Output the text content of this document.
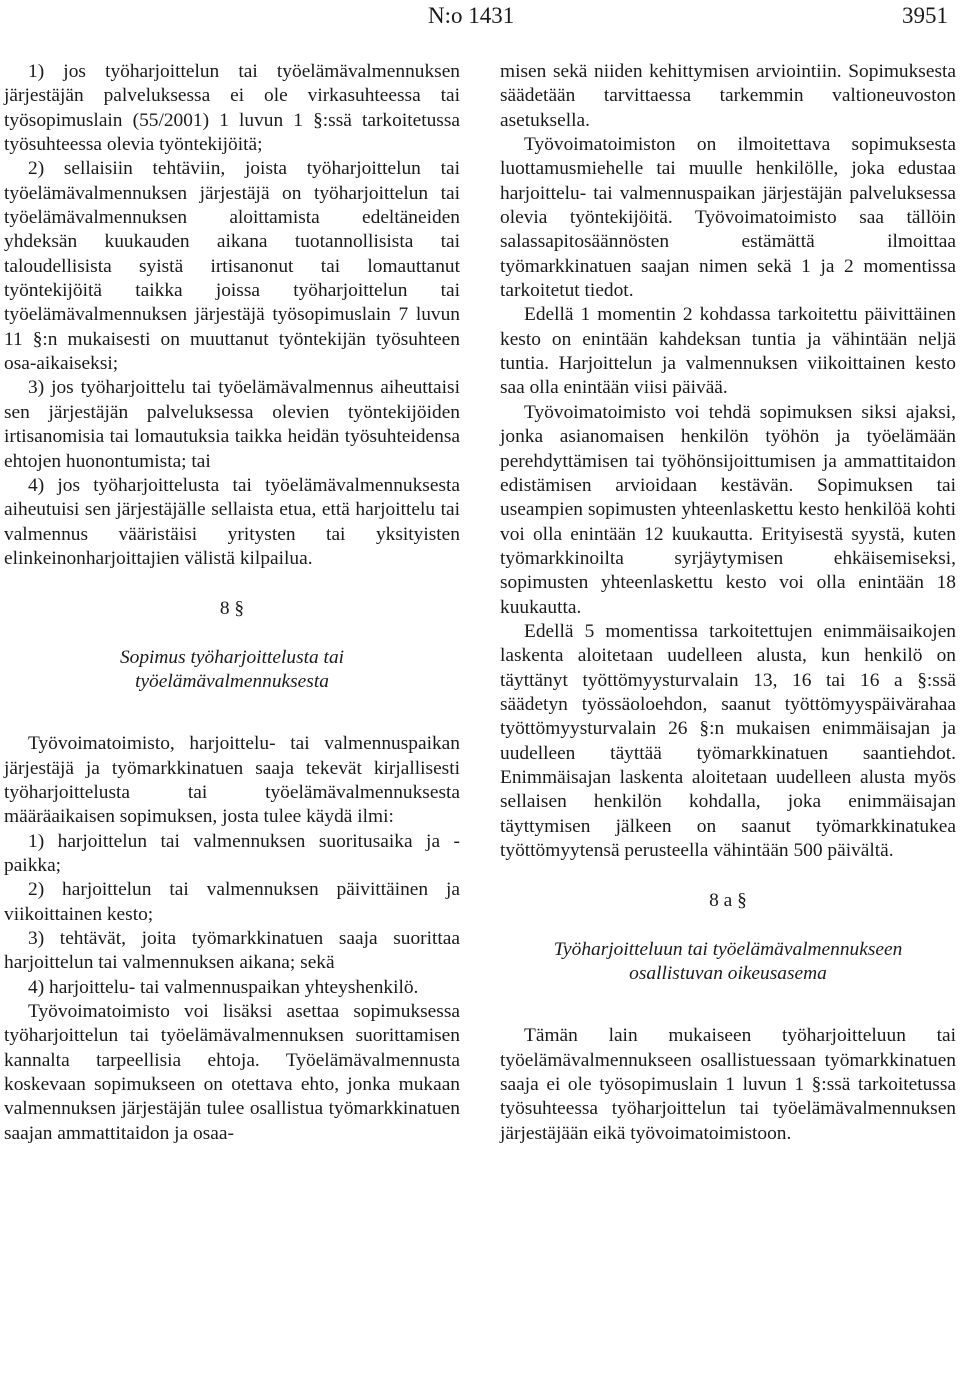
N:o 1431	3951

1) jos työharjoittelun tai työelämävalmennuksen järjestäjän palveluksessa ei ole virkasuhteessa tai työsopimuslain (55/2001) 1 luvun 1 §:ssä tarkoitetussa työsuhteessa olevia työntekijöitä;

2) sellaisiin tehtäviin, joista työharjoittelun tai työelämävalmennuksen järjestäjä on työharjoittelun tai työelämävalmennuksen aloittamista edeltäneiden yhdeksän kuukauden aikana tuotannollisista tai taloudellisista syistä irtisanonut tai lomauttanut työntekijöitä taikka joissa työharjoittelun tai työelämävalmennuksen järjestäjä työsopimuslain 7 luvun 11 §:n mukaisesti on muuttanut työntekijän työsuhteen osa-aikaiseksi;

3) jos työharjoittelu tai työelämävalmennus aiheuttaisi sen järjestäjän palveluksessa olevien työntekijöiden irtisanomisia tai lomautuksia taikka heidän työsuhteidensa ehtojen huonontumista; tai

4) jos työharjoittelusta tai työelämävalmennuksesta aiheutuisi sen järjestäjälle sellaista etua, että harjoittelu tai valmennus vääristäisi yritysten tai yksityisten elinkeinonharjoittajien välistä kilpailua.

8 §
Sopimus työharjoittelusta tai työelämävalmennuksesta

Työvoimatoimisto, harjoittelu- tai valmennuspaikan järjestäjä ja työmarkkinatuen saaja tekevät kirjallisesti työharjoittelusta tai työelämävalmennuksesta määräaikaisen sopimuksen, josta tulee käydä ilmi:

1) harjoittelun tai valmennuksen suoritusaika ja -paikka;

2) harjoittelun tai valmennuksen päivittäinen ja viikoittainen kesto;

3) tehtävät, joita työmarkkinatuen saaja suorittaa harjoittelun tai valmennuksen aikana; sekä

4) harjoittelu- tai valmennuspaikan yhteyshenkilö.

Työvoimatoimisto voi lisäksi asettaa sopimuksessa työharjoittelun tai työelämävalmennuksen suorittamisen kannalta tarpeellisia ehtoja. Työelämävalmennusta koskevaan sopimukseen on otettava ehto, jonka mukaan valmennuksen järjestäjän tulee osallistua työmarkkinatuen saajan ammattitaidon ja osaa-

misen sekä niiden kehittymisen arviointiin. Sopimuksesta säädetään tarvittaessa tarkemmin valtioneuvoston asetuksella.

Työvoimatoimiston on ilmoitettava sopimuksesta luottamusmiehelle tai muulle henkilölle, joka edustaa harjoittelu- tai valmennuspaikan järjestäjän palveluksessa olevia työntekijöitä. Työvoimatoimisto saa tällöin salassapitosäännösten estämättä ilmoittaa työmarkkinatuen saajan nimen sekä 1 ja 2 momentissa tarkoitetut tiedot.

Edellä 1 momentin 2 kohdassa tarkoitettu päivittäinen kesto on enintään kahdeksan tuntia ja vähintään neljä tuntia. Harjoittelun ja valmennuksen viikoittainen kesto saa olla enintään viisi päivää.

Työvoimatoimisto voi tehdä sopimuksen siksi ajaksi, jonka asianomaisen henkilön työhön ja työelämään perehdyttämisen tai työhönsijoittumisen ja ammattitaidon edistämisen arvioidaan kestävän. Sopimuksen tai useampien sopimusten yhteenlaskettu kesto henkilöä kohti voi olla enintään 12 kuukautta. Erityisestä syystä, kuten työmarkkinoilta syrjäytymisen ehkäisemiseksi, sopimusten yhteenlaskettu kesto voi olla enintään 18 kuukautta.

Edellä 5 momentissa tarkoitettujen enimmäisaikojen laskenta aloitetaan uudelleen alusta, kun henkilö on täyttänyt työttömyysturvalain 13, 16 tai 16 a §:ssä säädetyn työssäoloehdon, saanut työttömyyspäivärahaa työttömyysturvalain 26 §:n mukaisen enimmäisajan ja uudelleen täyttää työmarkkinatuen saantiehdot. Enimmäisajan laskenta aloitetaan uudelleen alusta myös sellaisen henkilön kohdalla, joka enimmäisajan täyttymisen jälkeen on saanut työmarkkinatukea työttömyytensä perusteella vähintään 500 päivältä.

8 a §
Työharjoitteluun tai työelämävalmennukseen osallistuvan oikeusasema

Tämän lain mukaiseen työharjoitteluun tai työelämävalmennukseen osallistuessaan työmarkkinatuen saaja ei ole työsopimuslain 1 luvun 1 §:ssä tarkoitetussa työsuhteessa työharjoittelun tai työelämävalmennuksen järjestäjään eikä työvoimatoimistoon.
